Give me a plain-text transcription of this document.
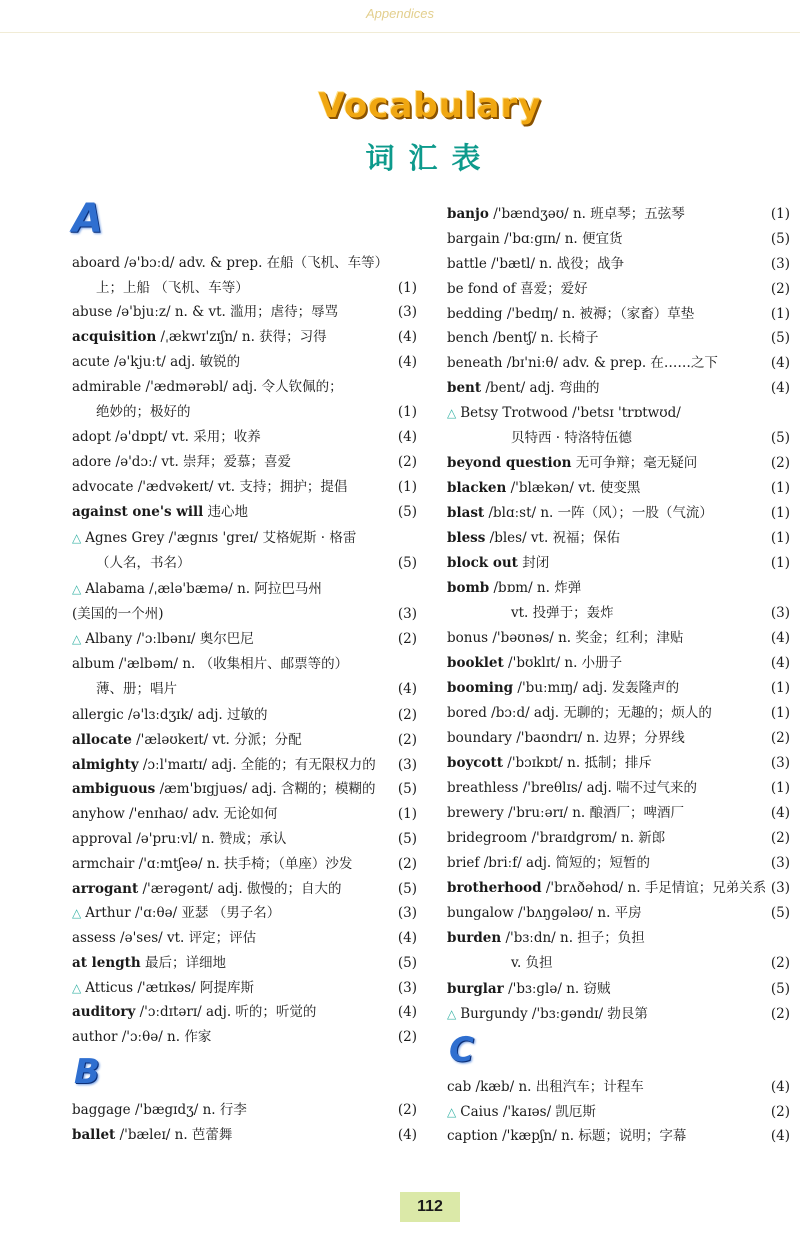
Appendices
Vocabulary
词汇表
A
aboard /ə'bɔːd/ adv. & prep. 在船（飞机、车等）
上；上船 （飞机、车等）	(1)
abuse /ə'bjuːz/ n. & vt. 滥用；虐待；辱骂	(3)
acquisition /ˌækwɪ'zɪʃn/ n. 获得；习得	(4)
acute /ə'kjuːt/ adj. 敏锐的	(4)
admirable /'ædmərəbl/ adj. 令人钦佩的；
绝妙的；极好的	(1)
adopt /ə'dɒpt/ vt. 采用；收养	(4)
adore /ə'dɔː/ vt. 崇拜；爱慕；喜爱	(2)
advocate /'ædvəkeɪt/ vt. 支持；拥护；提倡	(1)
against one's will 违心地	(5)
△ Agnes Grey /'ægnɪs 'greɪ/ 艾格妮斯 · 格雷
（人名，书名）	(5)
△ Alabama /ˌælə'bæmə/ n. 阿拉巴马州
(美国的一个州)	(3)
△ Albany /'ɔːlbənɪ/ 奥尔巴尼	(2)
album /'ælbəm/ n. （收集相片、邮票等的）
薄、册；唱片	(4)
allergic /ə'lɜːdʒɪk/ adj. 过敏的	(2)
allocate /'æləʊkeɪt/ vt. 分派；分配	(2)
almighty /ɔːl'maɪtɪ/ adj. 全能的；有无限权力的 (3)
ambiguous /æm'bɪgjuəs/ adj. 含糊的；模糊的 (5)
anyhow /'enɪhaʊ/ adv. 无论如何	(1)
approval /ə'pruːvl/ n. 赞成；承认	(5)
armchair /'ɑːmtʃeə/ n. 扶手椅；（单座）沙发	(2)
arrogant /'ærəgənt/ adj. 傲慢的；自大的	(5)
△ Arthur /'ɑːθə/ 亚瑟 （男子名）	(3)
assess /ə'ses/ vt. 评定；评估	(4)
at length 最后；详细地	(5)
△ Atticus /'ætɪkəs/ 阿提库斯	(3)
auditory /'ɔːdɪtərɪ/ adj. 听的；听觉的	(4)
author /'ɔːθə/ n. 作家	(2)
baggage /'bægɪdʒ/ n. 行李	(2)
ballet /'bæleɪ/ n. 芭蕾舞	(4)
B
banjo /'bændʒəʊ/ n. 班卓琴；五弦琴	(1)
bargain /'bɑːgɪn/ n. 便宜货	(5)
battle /'bætl/ n. 战役；战争	(3)
be fond of 喜爱；爱好	(2)
bedding /'bedɪŋ/ n. 被褥；（家畜）草垫	(1)
bench /bentʃ/ n. 长椅子	(5)
beneath /bɪ'niːθ/ adv. & prep. 在……之下	(4)
bent /bent/ adj. 弯曲的	(4)
△ Betsy Trotwood /'betsɪ 'trɒtwʊd/
贝特西 · 特洛特伍德	(5)
beyond question 无可争辩；毫无疑问	(2)
blacken /'blækən/ vt. 使变黑	(1)
blast /blɑːst/ n. 一阵（风）；一股（气流）	(1)
bless /bles/ vt. 祝福；保佑	(1)
block out 封闭	(1)
bomb /bɒm/ n. 炸弹
vt. 投弹于；轰炸	(3)
bonus /'bəʊnəs/ n. 奖金；红利；津贴	(4)
booklet /'bʊklɪt/ n. 小册子	(4)
booming /'buːmɪŋ/ adj. 发轰隆声的	(1)
bored /bɔːd/ adj. 无聊的；无趣的；烦人的	(1)
boundary /'baʊndrɪ/ n. 边界；分界线	(2)
boycott /'bɔɪkɒt/ n. 抵制；排斥	(3)
breathless /'breθlɪs/ adj. 喘不过气来的	(1)
brewery /'bruːərɪ/ n. 酿酒厂；啤酒厂	(4)
bridegroom /'braɪdgrʊm/ n. 新郎	(2)
brief /briːf/ adj. 简短的；短暂的	(3)
brotherhood /'brʌðəhʊd/ n. 手足情谊；兄弟关系 (3)
bungalow /'bʌŋgələʊ/ n. 平房	(5)
burden /'bɜːdn/ n. 担子；负担
v. 负担	(2)
burglar /'bɜːglə/ n. 窃贼	(5)
△ Burgundy /'bɜːgəndɪ/ 勃艮第	(2)
cab /kæb/ n. 出租汽车；计程车	(4)
△ Caius /'kaɪəs/ 凯厄斯	(2)
caption /'kæpʃn/ n. 标题；说明；字幕	(4)
C
112
